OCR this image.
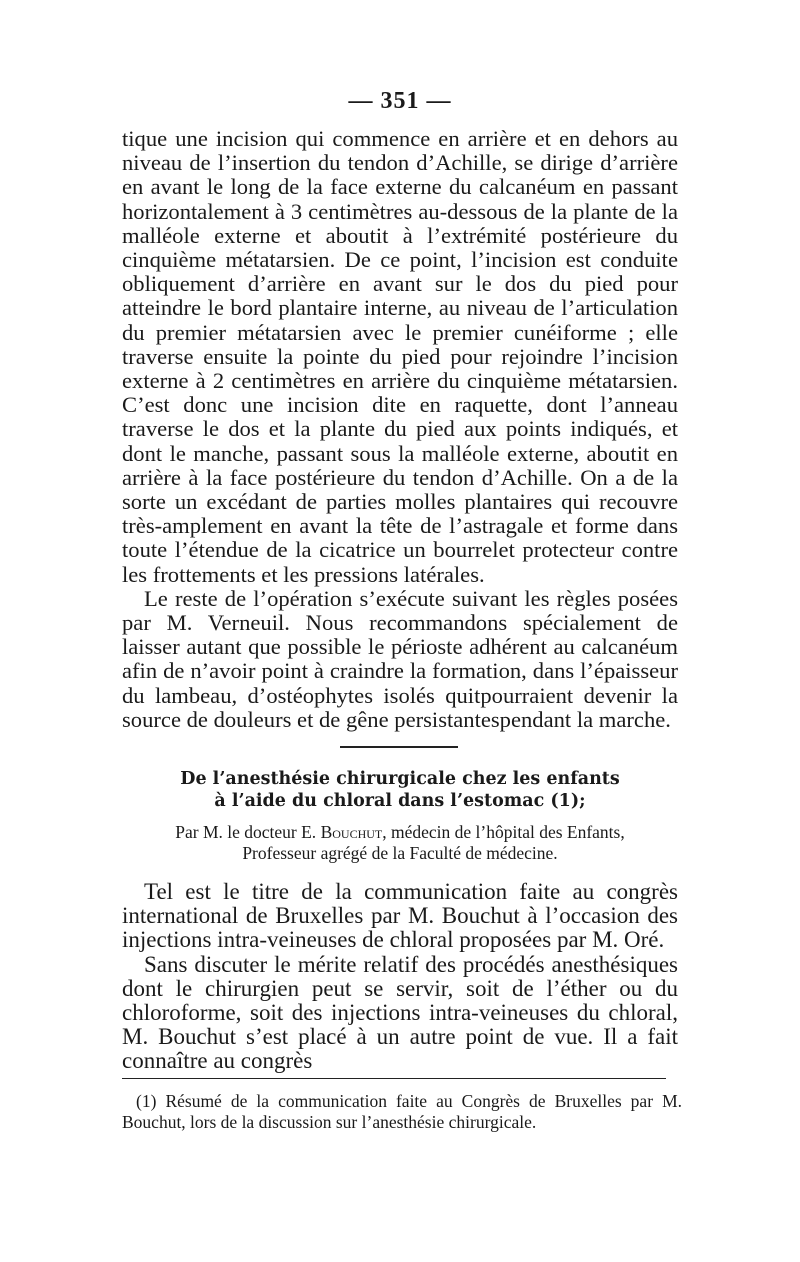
— 351 —

tique une incision qui commence en arrière et en dehors au niveau de l’insertion du tendon d’Achille, se dirige d’arrière en avant le long de la face externe du calcanéum en passant horizontalement à 3 centimètres au-dessous de la plante de la malléole externe et aboutit à l’extrémité postérieure du cinquième métatarsien. De ce point, l’incision est conduite obliquement d’arrière en avant sur le dos du pied pour atteindre le bord plantaire interne, au niveau de l’articulation du premier métatarsien avec le premier cunéiforme ; elle traverse ensuite la pointe du pied pour rejoindre l’incision externe à 2 centimètres en arrière du cinquième métatarsien. C’est donc une incision dite en raquette, dont l’anneau traverse le dos et la plante du pied aux points indiqués, et dont le manche, passant sous la malléole externe, aboutit en arrière à la face postérieure du tendon d’Achille. On a de la sorte un excédant de parties molles plantaires qui recouvre très-amplement en avant la tête de l’astragale et forme dans toute l’étendue de la cicatrice un bourrelet protecteur contre les frottements et les pressions latérales.

Le reste de l’opération s’exécute suivant les règles posées par M. Verneuil. Nous recommandons spécialement de laisser autant que possible le périoste adhérent au calcanéum afin de n’avoir point à craindre la formation, dans l’épaisseur du lambeau, d’ostéophytes isolés quitpourraient devenir la source de douleurs et de gêne persistantespendant la marche.

De l’anesthésie chirurgicale chez les enfants
à l’aide du chloral dans l’estomac (1);
Par M. le docteur E. Bouchut, médecin de l’hôpital des Enfants,
Professeur agrégé de la Faculté de médecine.

Tel est le titre de la communication faite au congrès international de Bruxelles par M. Bouchut à l’occasion des injections intra-veineuses de chloral proposées par M. Oré.

Sans discuter le mérite relatif des procédés anesthésiques dont le chirurgien peut se servir, soit de l’éther ou du chloroforme, soit des injections intra-veineuses du chloral, M. Bouchut s’est placé à un autre point de vue. Il a fait connaître au congrès

(1) Résumé de la communication faite au Congrès de Bruxelles par M. Bouchut, lors de la discussion sur l’anesthésie chirurgicale.
